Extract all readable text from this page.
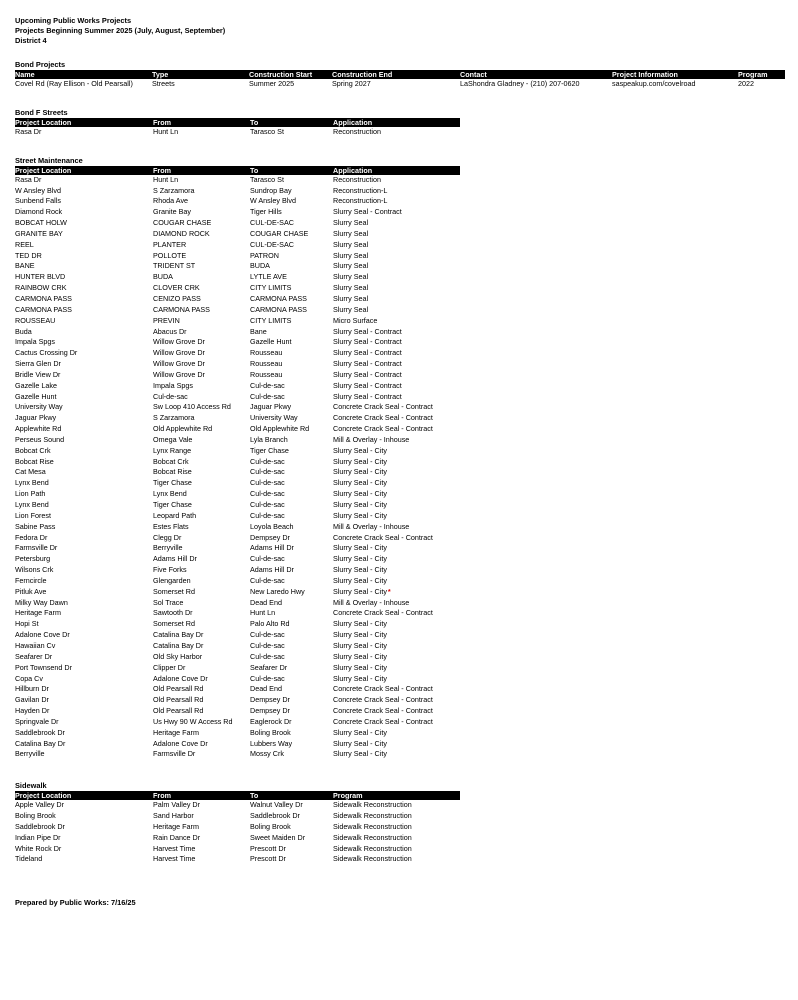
Upcoming Public Works Projects
Projects Beginning Summer 2025 (July, August, September)
District 4
Bond Projects
Name	Type	Construction Start	Construction End	Contact	Project Information	Program
Covel Rd (Ray Ellison - Old Pearsall)	Streets	Summer 2025	Spring 2027	LaShondra Gladney - (210) 207-0620	saspeakup.com/covelroad	2022
Bond F Streets
Project Location	From	To	Application
Rasa Dr	Hunt Ln	Tarasco St	Reconstruction
Street Maintenance
Project Location	From	To	Application
Rasa Dr	Hunt Ln	Tarasco St	Reconstruction
W Ansley Blvd	S Zarzamora	Sundrop Bay	Reconstruction-L
Sunbend Falls	Rhoda Ave	W Ansley Blvd	Reconstruction-L
Diamond Rock	Granite Bay	Tiger Hills	Slurry Seal - Contract
BOBCAT HOLW	COUGAR CHASE	CUL-DE-SAC	Slurry Seal
GRANITE BAY	DIAMOND ROCK	COUGAR CHASE	Slurry Seal
REEL	PLANTER	CUL-DE-SAC	Slurry Seal
TED DR	POLLOTE	PATRON	Slurry Seal
BANE	TRIDENT ST	BUDA	Slurry Seal
HUNTER BLVD	BUDA	LYTLE AVE	Slurry Seal
RAINBOW CRK	CLOVER CRK	CITY LIMITS	Slurry Seal
CARMONA PASS	CENIZO PASS	CARMONA PASS	Slurry Seal
CARMONA PASS	CARMONA PASS	CARMONA PASS	Slurry Seal
ROUSSEAU	PREVIN	CITY LIMITS	Micro Surface
Buda	Abacus Dr	Bane	Slurry Seal - Contract
Impala Spgs	Willow Grove Dr	Gazelle Hunt	Slurry Seal - Contract
Cactus Crossing Dr	Willow Grove Dr	Rousseau	Slurry Seal - Contract
Sierra Glen Dr	Willow Grove Dr	Rousseau	Slurry Seal - Contract
Bridle View Dr	Willow Grove Dr	Rousseau	Slurry Seal - Contract
Gazelle Lake	Impala Spgs	Cul-de-sac	Slurry Seal - Contract
Gazelle Hunt	Cul-de-sac	Cul-de-sac	Slurry Seal - Contract
University Way	Sw Loop 410 Access Rd	Jaguar Pkwy	Concrete Crack Seal - Contract
Jaguar Pkwy	S Zarzamora	University Way	Concrete Crack Seal - Contract
Applewhite Rd	Old Applewhite Rd	Old Applewhite Rd	Concrete Crack Seal - Contract
Perseus Sound	Omega Vale	Lyla Branch	Mill & Overlay - Inhouse
Bobcat Crk	Lynx Range	Tiger Chase	Slurry Seal - City
Bobcat Rise	Bobcat Crk	Cul-de-sac	Slurry Seal - City
Cat Mesa	Bobcat Rise	Cul-de-sac	Slurry Seal - City
Lynx Bend	Tiger Chase	Cul-de-sac	Slurry Seal - City
Lion Path	Lynx Bend	Cul-de-sac	Slurry Seal - City
Lynx Bend	Tiger Chase	Cul-de-sac	Slurry Seal - City
Lion Forest	Leopard Path	Cul-de-sac	Slurry Seal - City
Sabine Pass	Estes Flats	Loyola Beach	Mill & Overlay - Inhouse
Fedora Dr	Clegg Dr	Dempsey Dr	Concrete Crack Seal - Contract
Farmsville Dr	Berryville	Adams Hill Dr	Slurry Seal - City
Petersburg	Adams Hill Dr	Cul-de-sac	Slurry Seal - City
Wilsons Crk	Five Forks	Adams Hill Dr	Slurry Seal - City
Ferncircle	Glengarden	Cul-de-sac	Slurry Seal - City
Pitluk Ave	Somerset Rd	New Laredo Hwy	Slurry Seal - City*
Milky Way Dawn	Sol Trace	Dead End	Mill & Overlay - Inhouse
Heritage Farm	Sawtooth Dr	Hunt Ln	Concrete Crack Seal - Contract
Hopi St	Somerset Rd	Palo Alto Rd	Slurry Seal - City
Adalone Cove Dr	Catalina Bay Dr	Cul-de-sac	Slurry Seal - City
Hawaiian Cv	Catalina Bay Dr	Cul-de-sac	Slurry Seal - City
Seafarer Dr	Old Sky Harbor	Cul-de-sac	Slurry Seal - City
Port Townsend Dr	Clipper Dr	Seafarer Dr	Slurry Seal - City
Copa Cv	Adalone Cove Dr	Cul-de-sac	Slurry Seal - City
Hillburn Dr	Old Pearsall Rd	Dead End	Concrete Crack Seal - Contract
Gavilan Dr	Old Pearsall Rd	Dempsey Dr	Concrete Crack Seal - Contract
Hayden Dr	Old Pearsall Rd	Dempsey Dr	Concrete Crack Seal - Contract
Springvale Dr	Us Hwy 90 W Access Rd	Eaglerock Dr	Concrete Crack Seal - Contract
Saddlebrook Dr	Heritage Farm	Boling Brook	Slurry Seal - City
Catalina Bay Dr	Adalone Cove Dr	Lubbers Way	Slurry Seal - City
Berryville	Farmsville Dr	Mossy Crk	Slurry Seal - City
Sidewalk
Project Location	From	To	Program
Apple Valley Dr	Palm Valley Dr	Walnut Valley Dr	Sidewalk Reconstruction
Boling Brook	Sand Harbor	Saddlebrook Dr	Sidewalk Reconstruction
Saddlebrook Dr	Heritage Farm	Boling Brook	Sidewalk Reconstruction
Indian Pipe Dr	Rain Dance Dr	Sweet Maiden Dr	Sidewalk Reconstruction
White Rock Dr	Harvest Time	Prescott Dr	Sidewalk Reconstruction
Tideland	Harvest Time	Prescott Dr	Sidewalk Reconstruction
Prepared by Public Works: 7/16/25
